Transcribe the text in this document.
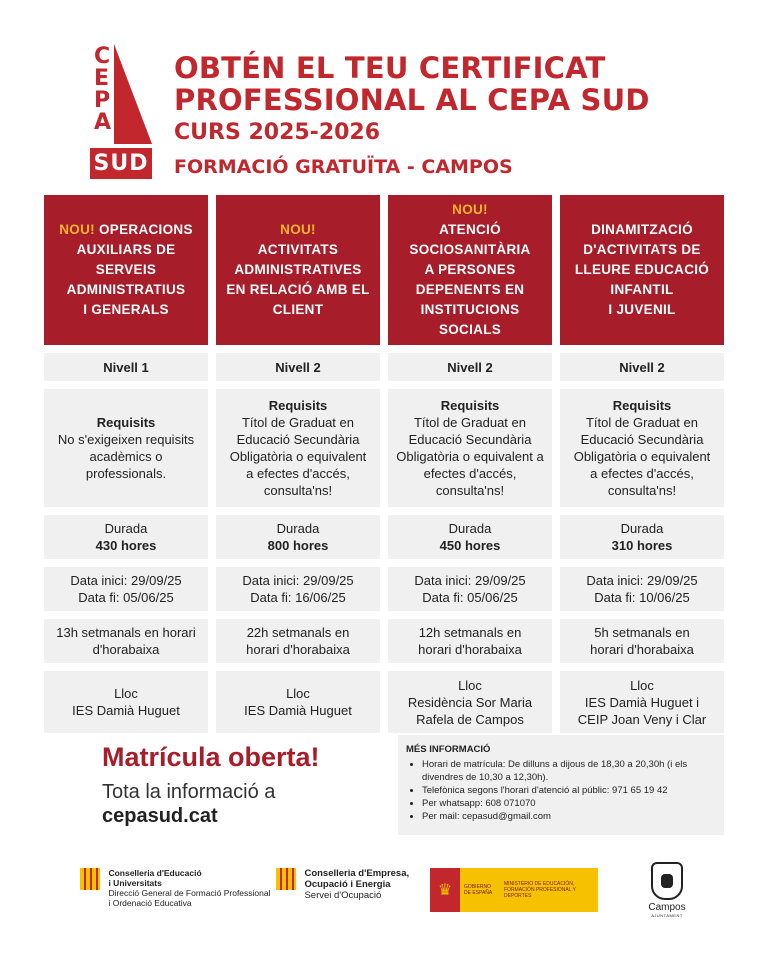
C
E
P
A
SUD
OBTÉN EL TEU CERTIFICAT
PROFESSIONAL AL CEPA SUD
CURS 2025-2026
FORMACIÓ GRATUÏTA - CAMPOS
NOU! OPERACIONS
AUXILIARS DE
SERVEIS
ADMINISTRATIUS
I GENERALS
Nivell 1
Requisits
No s'exigeixen requisits
acadèmics o
professionals.
Durada
430 hores
Data inici: 29/09/25
Data fi: 05/06/25
13h setmanals en horari
d'horabaixa
Lloc
IES Damià Huguet
NOU!
ACTIVITATS
ADMINISTRATIVES
EN RELACIÓ AMB EL
CLIENT
Nivell 2
Requisits
Títol de Graduat en
Educació Secundària
Obligatòria o equivalent
a efectes d'accés,
consulta'ns!
Durada
800 hores
Data inici: 29/09/25
Data fi: 16/06/25
22h setmanals en
horari d'horabaixa
Lloc
IES Damià Huguet
NOU!
ATENCIÓ
SOCIOSANITÀRIA
A PERSONES
DEPENENTS EN
INSTITUCIONS
SOCIALS
Nivell 2
Requisits
Títol de Graduat en
Educació Secundària
Obligatòria o equivalent a
efectes d'accés,
consulta'ns!
Durada
450 hores
Data inici: 29/09/25
Data fi: 05/06/25
12h setmanals en
horari d'horabaixa
Lloc
Residència Sor Maria
Rafela de Campos
DINAMITZACIÓ
D'ACTIVITATS DE
LLEURE EDUCACIÓ
INFANTIL
I JUVENIL
Nivell 2
Requisits
Títol de Graduat en
Educació Secundària
Obligatòria o equivalent
a efectes d'accés,
consulta'ns!
Durada
310 hores
Data inici: 29/09/25
Data fi: 10/06/25
5h setmanals en
horari d'horabaixa
Lloc
IES Damià Huguet i
CEIP Joan Veny i Clar
Matrícula oberta!
Tota la informació a
cepasud.cat
MÉS INFORMACIÓ
• Horari de matrícula: De dilluns a dijous de 18,30 a 20,30h (i els divendres de 10,30 a 12,30h).
• Telefònica segons l'horari d'atenció al públic: 971 65 19 42
• Per whatsapp: 608 071070
• Per mail: cepasud@gmail.com
Conselleria d'Educació
i Universitats
Direcció General de Formació Professional
i Ordenació Educativa
Conselleria d'Empresa,
Ocupació i Energia
Servei d'Ocupació	♛	GOBIERNO DE ESPAÑA
MINISTERIO DE EDUCACIÓN, FORMACIÓN PROFESIONAL Y DEPORTES
Campos
AJUNTAMENT
